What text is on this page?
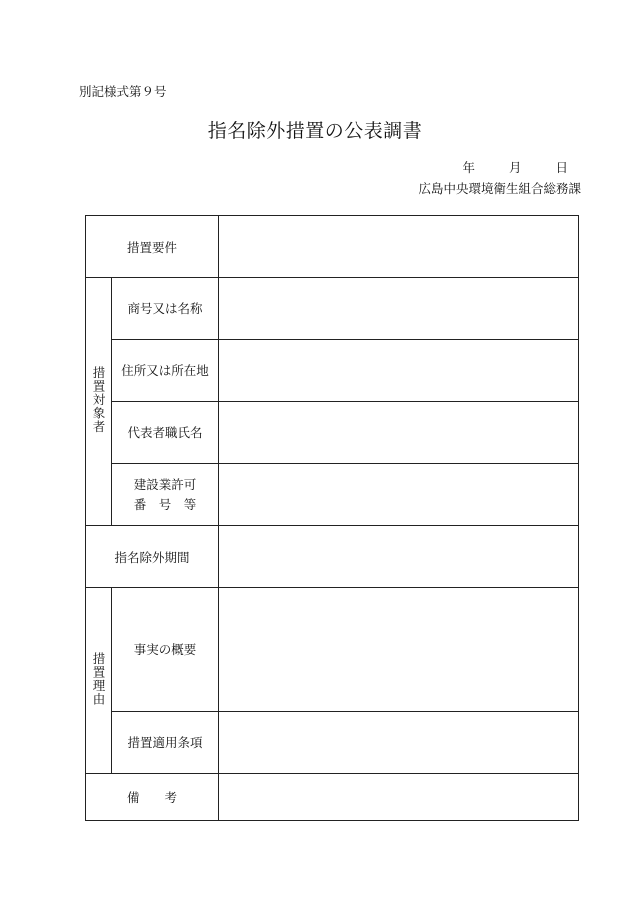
別記様式第９号
指名除外措置の公表調書
年	月	日
広島中央環境衛生組合総務課
措置要件		
措置対象者	商号又は名称	
	住所又は所在地	
	代表者職氏名	

	建設業許可
番　号　等	

指名除外期間		
措置理由	事実の概要	
	措置適用条項	
備　　考		
